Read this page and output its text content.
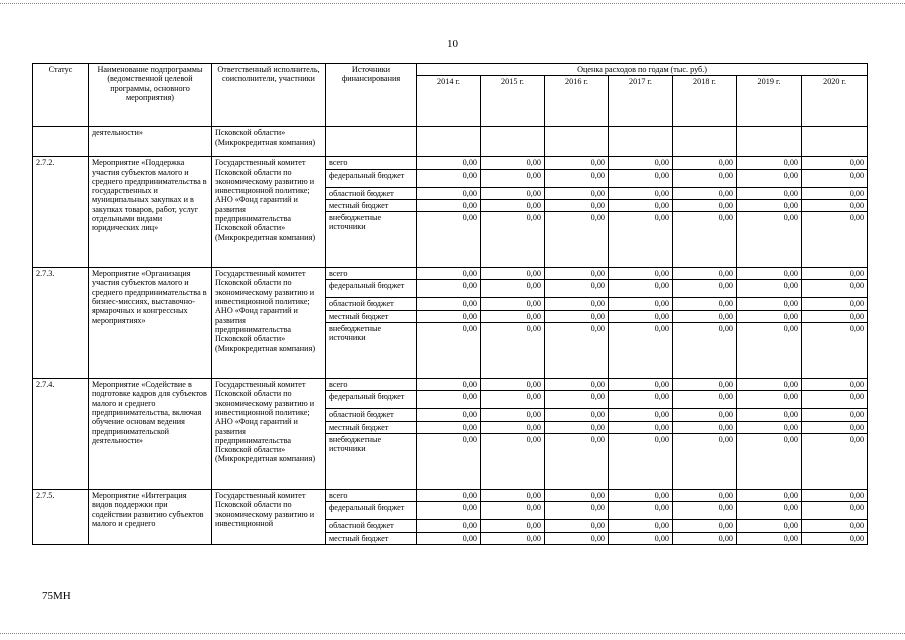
10
Статус	Наименование подпрограммы (ведомственной целевой программы, основного мероприятия)	Ответственный исполнитель, соисполнители, участники	Источники финансирования	Оценка расходов по годам (тыс. руб.)						
				2014 г.	2015 г.	2016 г.	2017 г.	2018 г.	2019 г.	2020 г.
	деятельности»	Псковской области» (Микрокредитная компания)								
2.7.2.	Мероприятие «Поддержка участия субъектов малого и среднего предпринимательства в государственных и муниципальных закупках и в закупках товаров, работ, услуг отдельными видами юридических лиц»	Государственный комитет Псковской области по экономическому развитию и инвестиционной политике; АНО «Фонд гарантий и развития предпринимательства Псковской области» (Микрокредитная компания)	всего	0,00	0,00	0,00	0,00	0,00	0,00	0,00
			федеральный бюджет	0,00	0,00	0,00	0,00	0,00	0,00	0,00
			областной бюджет	0,00	0,00	0,00	0,00	0,00	0,00	0,00
			местный бюджет	0,00	0,00	0,00	0,00	0,00	0,00	0,00
			внебюджетные источники	0,00	0,00	0,00	0,00	0,00	0,00	0,00
2.7.3.	Мероприятие «Организация участия субъектов малого и среднего предпринимательства в бизнес-миссиях, выставочно-ярмарочных и конгрессных мероприятиях»	Государственный комитет Псковской области по экономическому развитию и инвестиционной политике; АНО «Фонд гарантий и развития предпринимательства Псковской области» (Микрокредитная компания)	всего	0,00	0,00	0,00	0,00	0,00	0,00	0,00
			федеральный бюджет	0,00	0,00	0,00	0,00	0,00	0,00	0,00
			областной бюджет	0,00	0,00	0,00	0,00	0,00	0,00	0,00
			местный бюджет	0,00	0,00	0,00	0,00	0,00	0,00	0,00
			внебюджетные источники	0,00	0,00	0,00	0,00	0,00	0,00	0,00
2.7.4.	Мероприятие «Содействие в подготовке кадров для субъектов малого и среднего предпринимательства, включая обучение основам ведения предпринимательской деятельности»	Государственный комитет Псковской области по экономическому развитию и инвестиционной политике; АНО «Фонд гарантий и развития предпринимательства Псковской области» (Микрокредитная компания)	всего	0,00	0,00	0,00	0,00	0,00	0,00	0,00
			федеральный бюджет	0,00	0,00	0,00	0,00	0,00	0,00	0,00
			областной бюджет	0,00	0,00	0,00	0,00	0,00	0,00	0,00
			местный бюджет	0,00	0,00	0,00	0,00	0,00	0,00	0,00
			внебюджетные источники	0,00	0,00	0,00	0,00	0,00	0,00	0,00
2.7.5.	Мероприятие «Интеграция видов поддержки при содействии развитию субъектов малого и среднего	Государственный комитет Псковской области по экономическому развитию и инвестиционной	всего	0,00	0,00	0,00	0,00	0,00	0,00	0,00
			федеральный бюджет	0,00	0,00	0,00	0,00	0,00	0,00	0,00
			областной бюджет	0,00	0,00	0,00	0,00	0,00	0,00	0,00
			местный бюджет	0,00	0,00	0,00	0,00	0,00	0,00	0,00
75МН
